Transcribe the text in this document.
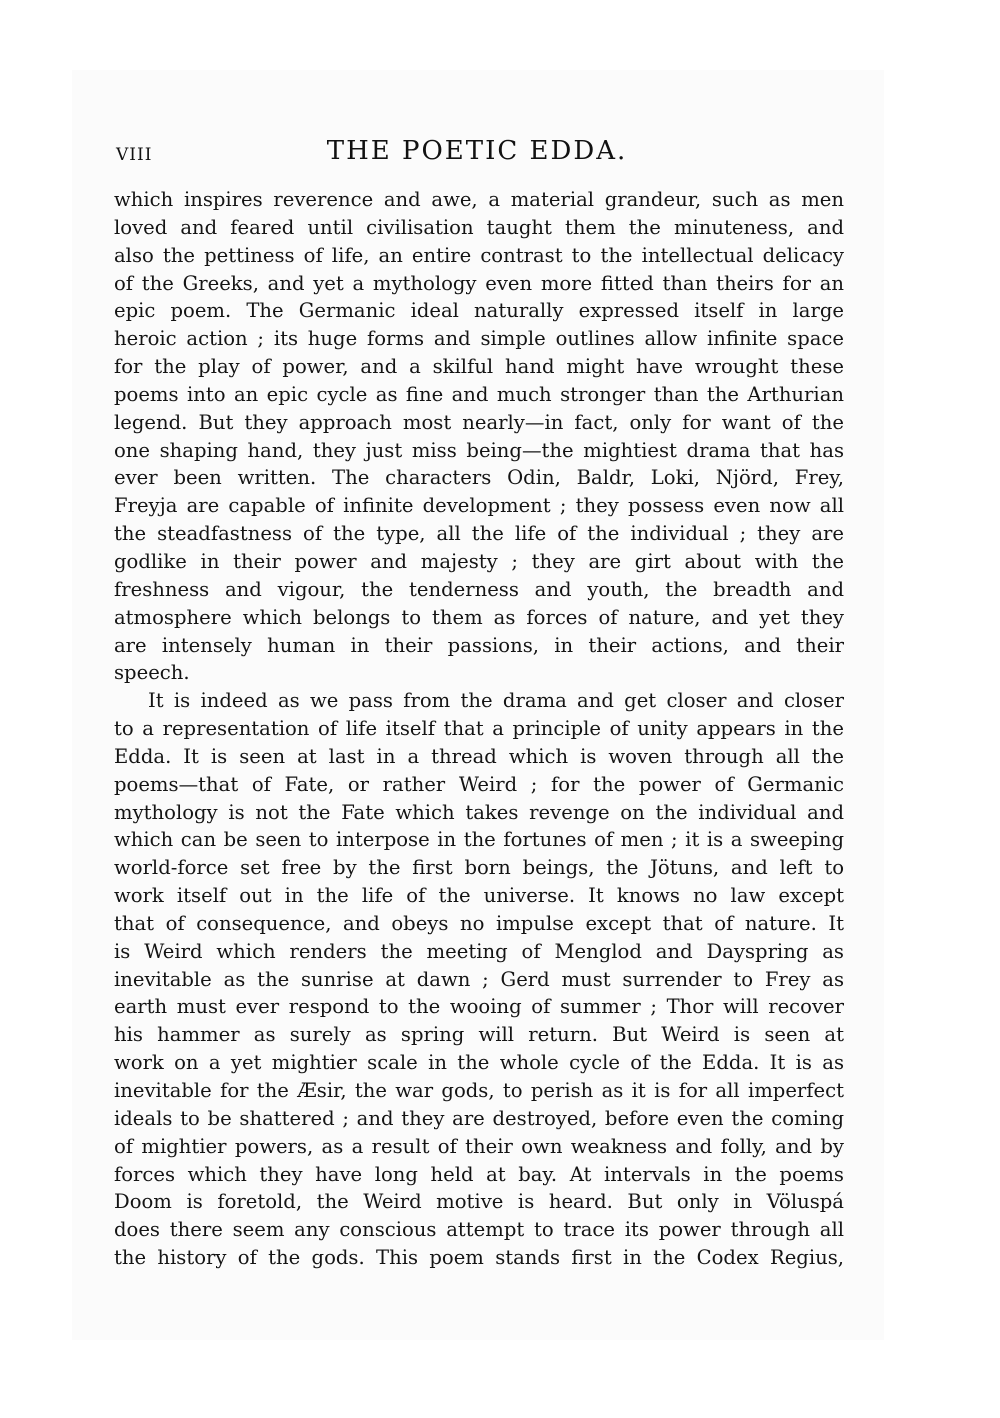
VIII	THE POETIC EDDA.
which inspires reverence and awe, a material grandeur, such as men
loved and feared until civilisation taught them the minuteness, and
also the pettiness of life, an entire contrast to the intellectual delicacy
of the Greeks, and yet a mythology even more fitted than theirs for an
epic poem. The Germanic ideal naturally expressed itself in large
heroic action ; its huge forms and simple outlines allow infinite space
for the play of power, and a skilful hand might have wrought these
poems into an epic cycle as fine and much stronger than the Arthurian
legend. But they approach most nearly—in fact, only for want of the
one shaping hand, they just miss being—the mightiest drama that has
ever been written. The characters Odin, Baldr, Loki, Njörd, Frey,
Freyja are capable of infinite development ; they possess even now all
the steadfastness of the type, all the life of the individual ; they are
godlike in their power and majesty ; they are girt about with the
freshness and vigour, the tenderness and youth, the breadth and
atmosphere which belongs to them as forces of nature, and yet they
are intensely human in their passions, in their actions, and their
speech.
It is indeed as we pass from the drama and get closer and closer
to a representation of life itself that a principle of unity appears in the
Edda. It is seen at last in a thread which is woven through all the
poems—that of Fate, or rather Weird ; for the power of Germanic
mythology is not the Fate which takes revenge on the individual and
which can be seen to interpose in the fortunes of men ; it is a sweeping
world-force set free by the first born beings, the Jötuns, and left to
work itself out in the life of the universe. It knows no law except
that of consequence, and obeys no impulse except that of nature. It
is Weird which renders the meeting of Menglod and Dayspring as
inevitable as the sunrise at dawn ; Gerd must surrender to Frey as
earth must ever respond to the wooing of summer ; Thor will recover
his hammer as surely as spring will return. But Weird is seen at
work on a yet mightier scale in the whole cycle of the Edda. It is as
inevitable for the Æsir, the war gods, to perish as it is for all imperfect
ideals to be shattered ; and they are destroyed, before even the coming
of mightier powers, as a result of their own weakness and folly, and by
forces which they have long held at bay. At intervals in the poems
Doom is foretold, the Weird motive is heard. But only in Völuspá
does there seem any conscious attempt to trace its power through all
the history of the gods. This poem stands first in the Codex Regius,
